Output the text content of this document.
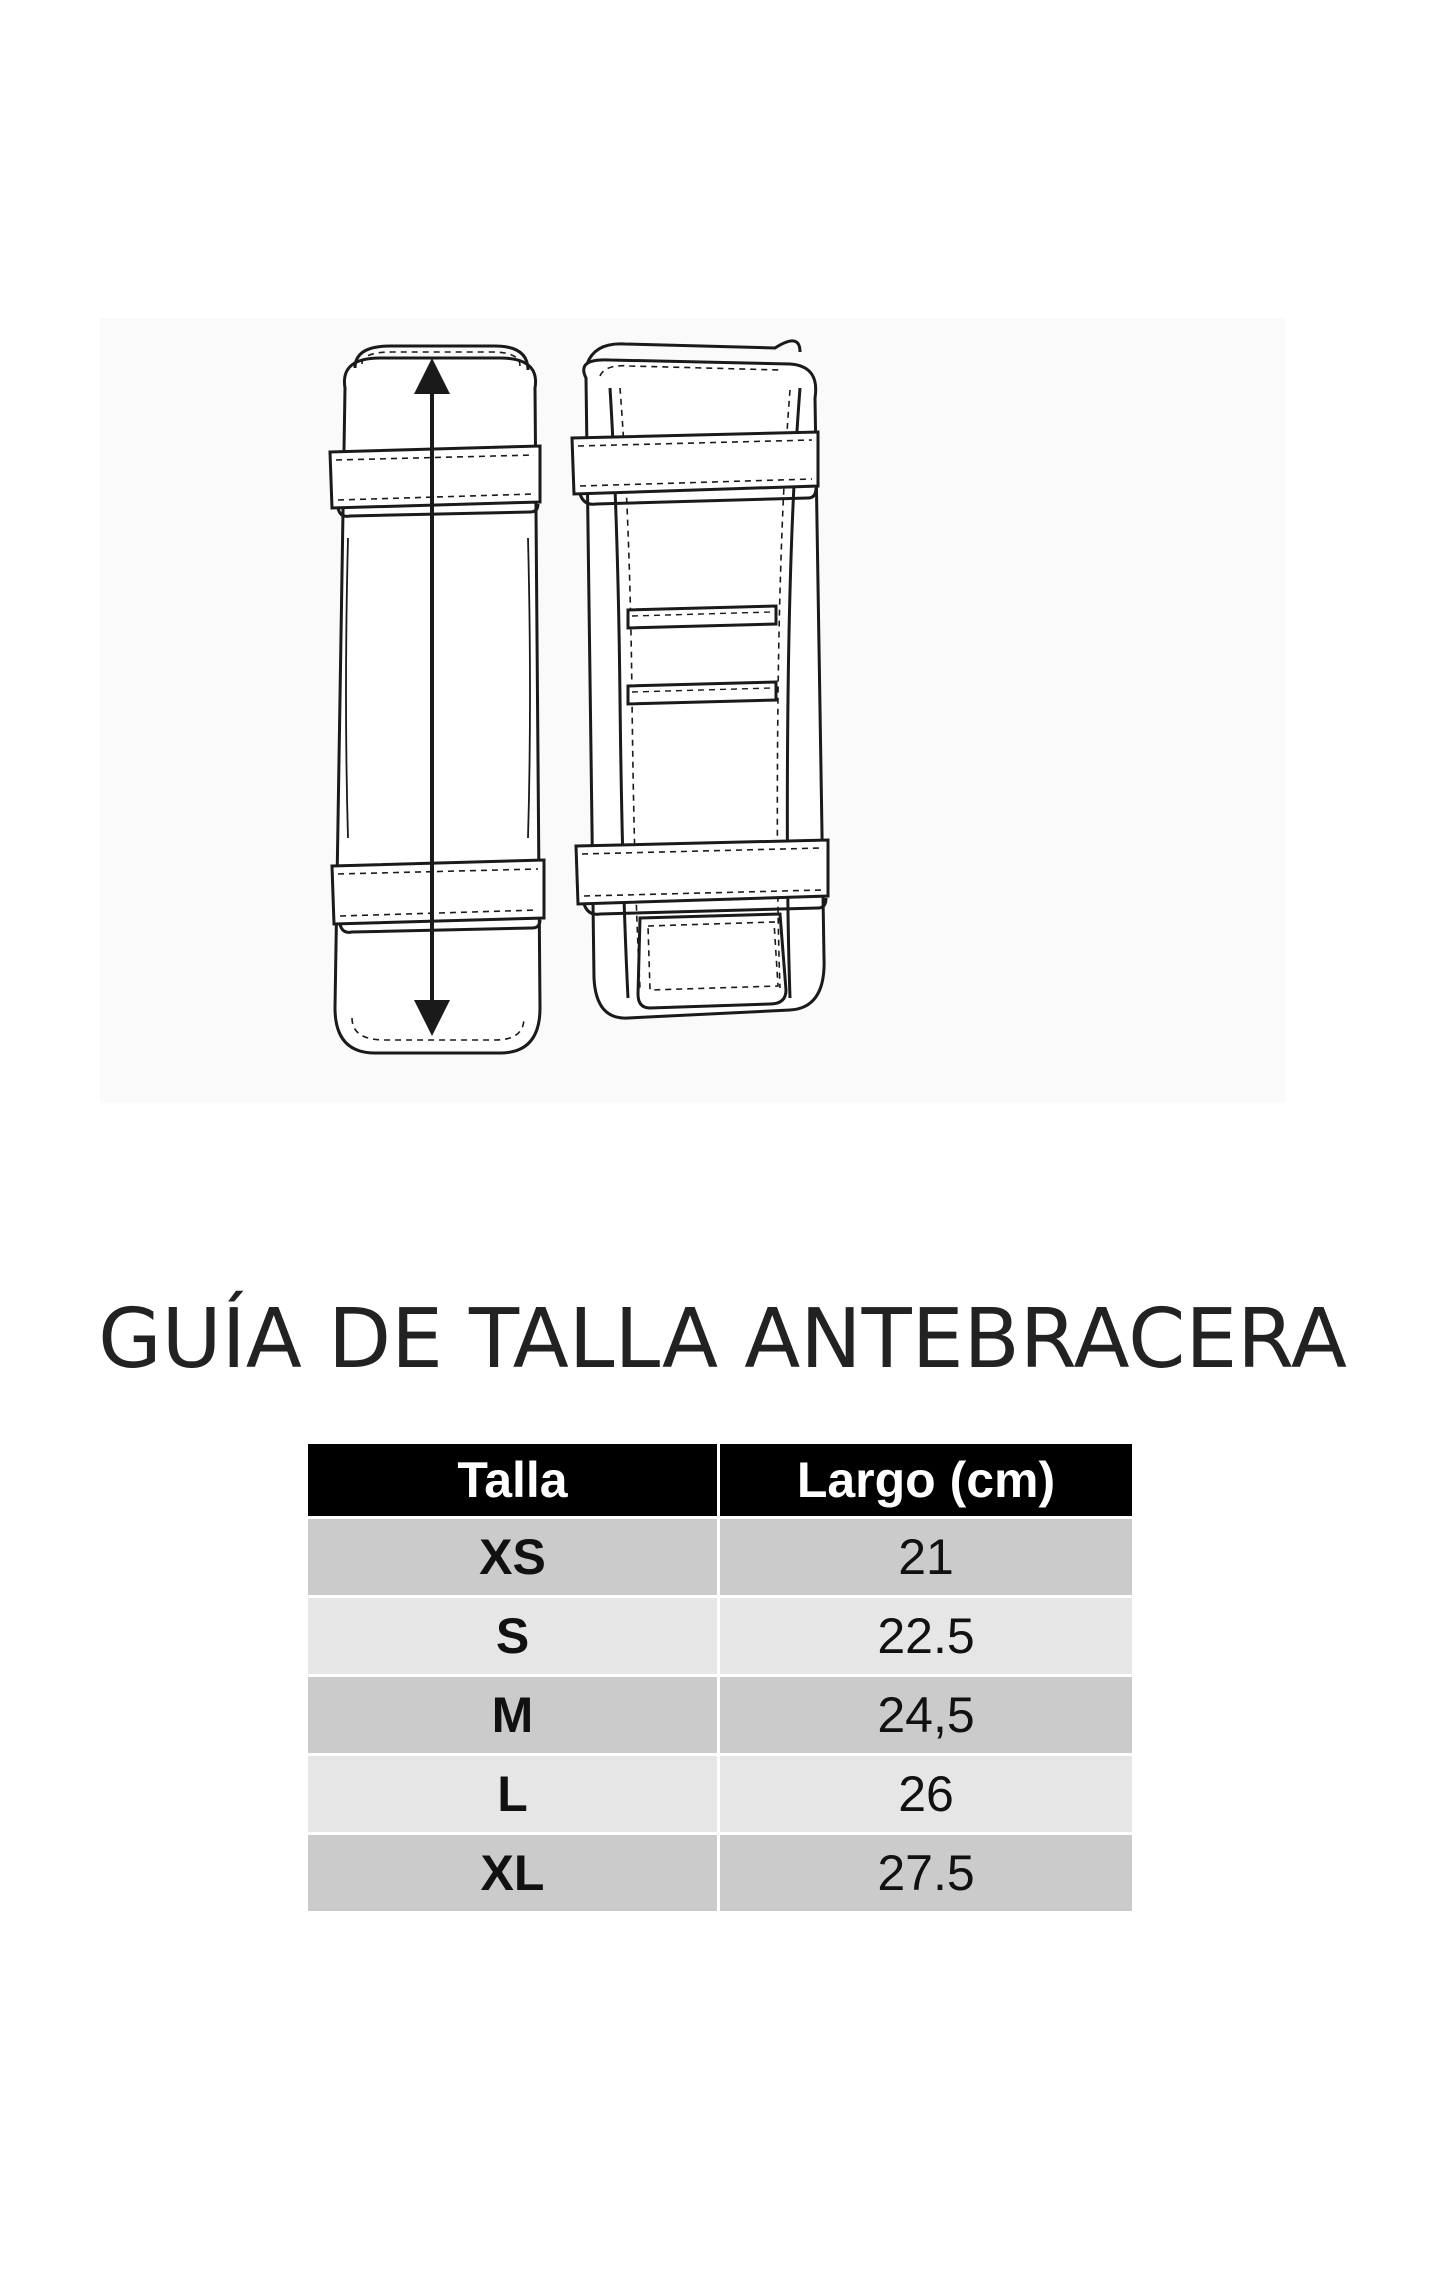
GUÍA DE TALLA ANTEBRACERA
Talla	Largo (cm)
XS	21
S	22.5
M	24,5
L	26
XL	27.5
